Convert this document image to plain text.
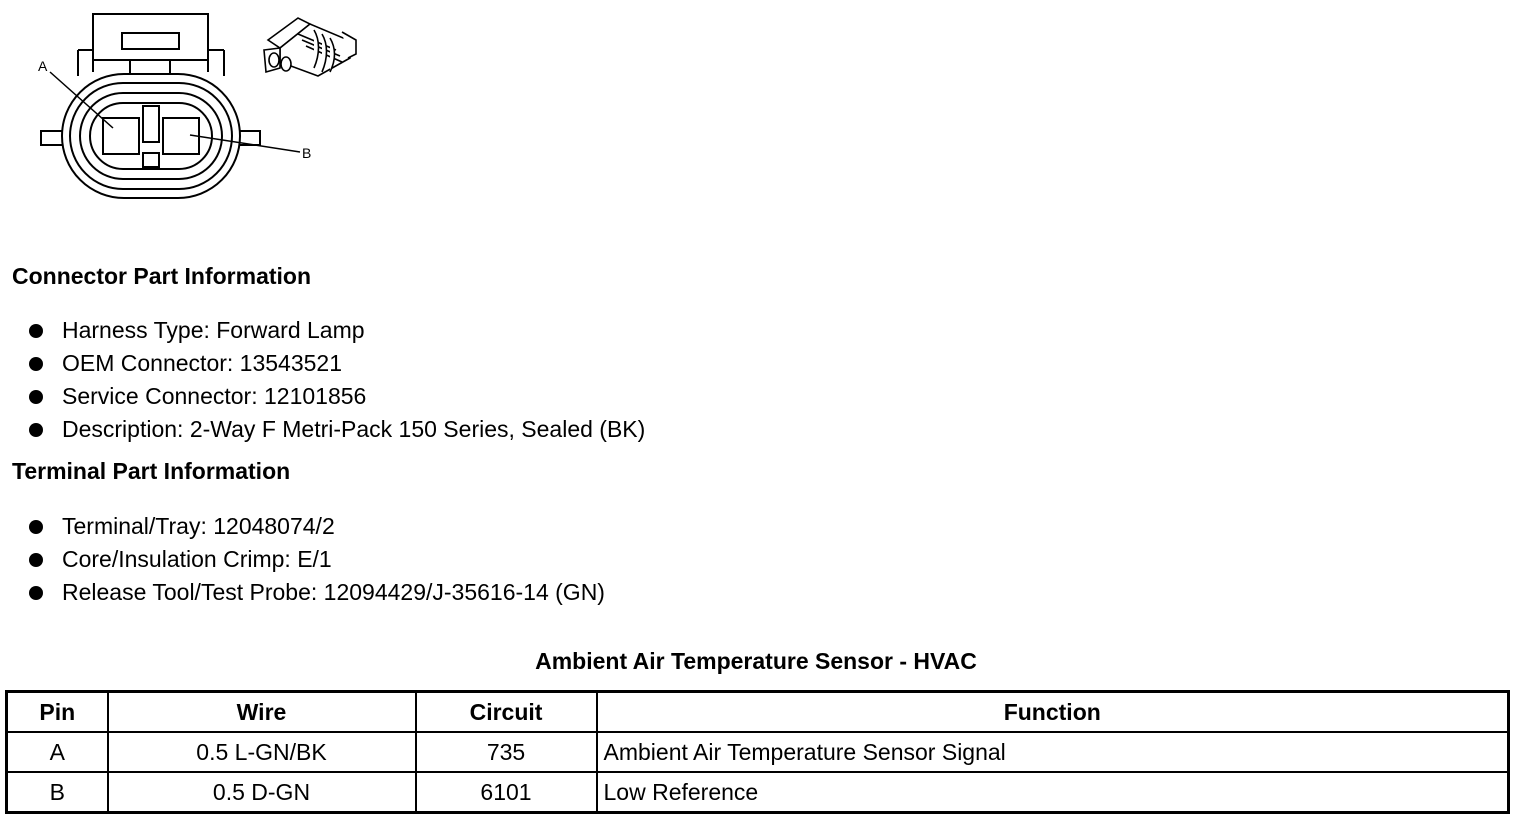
A
B
Connector Part Information
Harness Type: Forward Lamp
OEM Connector: 13543521
Service Connector: 12101856
Description: 2-Way F Metri-Pack 150 Series, Sealed (BK)
Terminal Part Information
Terminal/Tray: 12048074/2
Core/Insulation Crimp: E/1
Release Tool/Test Probe: 12094429/J-35616-14 (GN)
Ambient Air Temperature Sensor - HVAC
Pin	Wire	Circuit	Function
A	0.5 L-GN/BK	735	Ambient Air Temperature Sensor Signal
B	0.5 D-GN	6101	Low Reference
